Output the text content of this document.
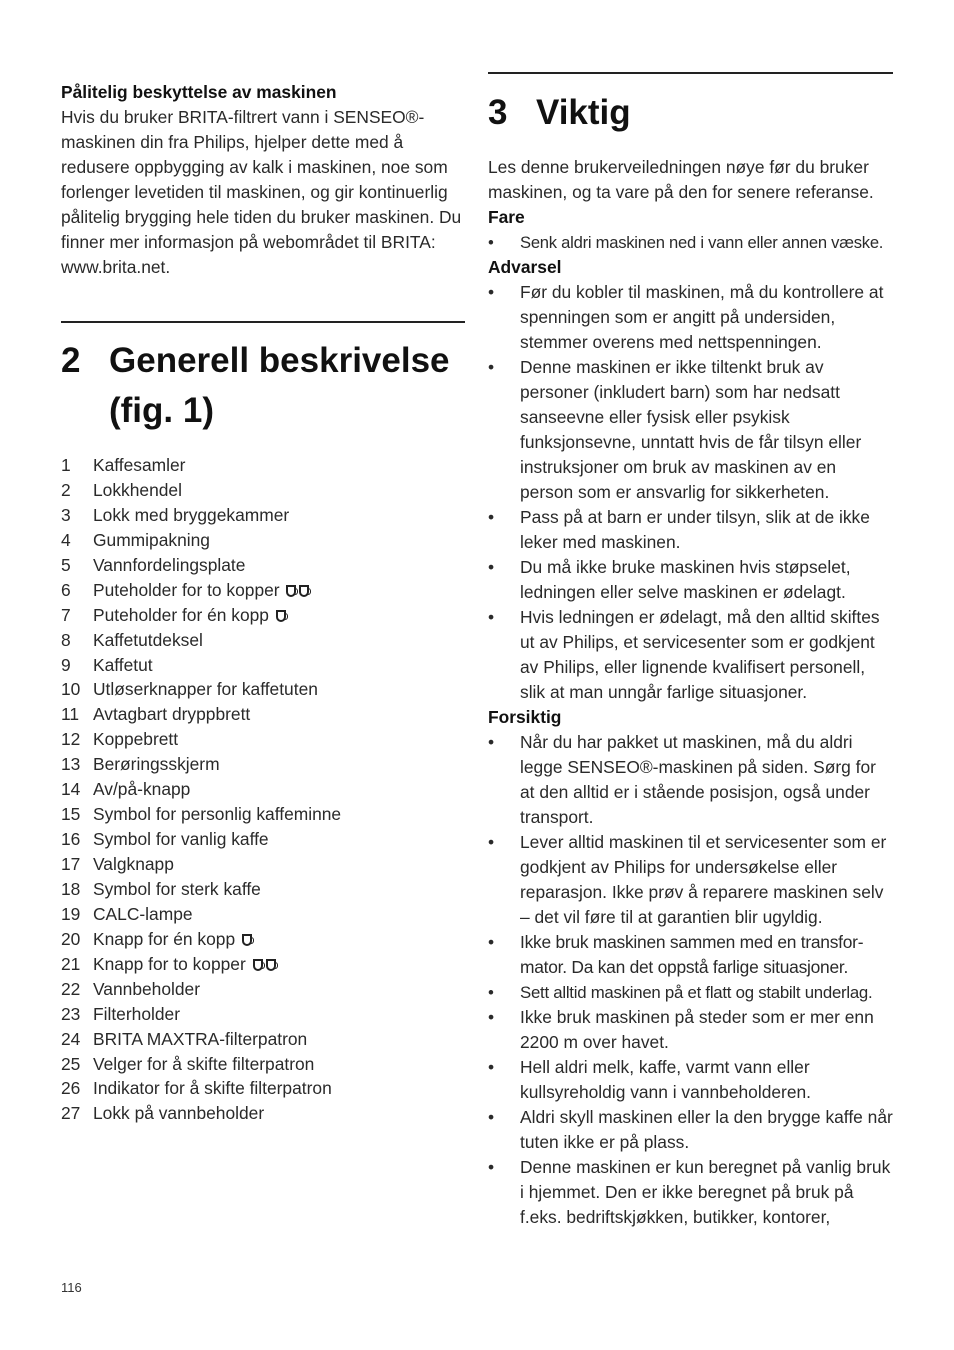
Pålitelig beskyttelse av maskinen
Hvis du bruker BRITA-filtrert vann i SENSEO®-maskinen din fra Philips, hjelper dette med å redusere oppbygging av kalk i maskinen, noe som forlenger levetiden til maskinen, og gir kontinuerlig pålitelig brygging hele tiden du bruker maskinen. Du finner mer informasjon på webområdet til BRITA: www.brita.net.
2 Generell beskrivelse (fig. 1)
1	Kaffesamler
2	Lokkhendel
3	Lokk med bryggekammer
4	Gummipakning
5	Vannfordelingsplate
6	Puteholder for to kopper
7	Puteholder for én kopp
8	Kaffetutdeksel
9	Kaffetut
10 Utløserknapper for kaffetuten
11 Avtagbart dryppbrett
12 Koppebrett
13 Berøringsskjerm
14 Av/på-knapp
15 Symbol for personlig kaffeminne
16 Symbol for vanlig kaffe
17 Valgknapp
18 Symbol for sterk kaffe
19 CALC-lampe
20 Knapp for én kopp
21 Knapp for to kopper
22 Vannbeholder
23 Filterholder
24 BRITA MAXTRA-filterpatron
25 Velger for å skifte filterpatron
26 Indikator for å skifte filterpatron
27 Lokk på vannbeholder
3 Viktig
Les denne brukerveiledningen nøye før du bruker maskinen, og ta vare på den for senere referanse.
Fare
• Senk aldri maskinen ned i vann eller annen væske.
Advarsel
• Før du kobler til maskinen, må du kontrollere at spenningen som er angitt på undersiden, stemmer overens med nettspenningen.
• Denne maskinen er ikke tiltenkt bruk av personer (inkludert barn) som har nedsatt sanseevne eller fysisk eller psykisk funksjonsevne, unntatt hvis de får tilsyn eller instruksjoner om bruk av maskinen av en person som er ansvarlig for sikkerheten.
• Pass på at barn er under tilsyn, slik at de ikke leker med maskinen.
• Du må ikke bruke maskinen hvis støpselet, ledningen eller selve maskinen er ødelagt.
• Hvis ledningen er ødelagt, må den alltid skiftes ut av Philips, et servicesenter som er godkjent av Philips, eller lignende kvalifisert personell, slik at man unngår farlige situasjoner.
Forsiktig
• Når du har pakket ut maskinen, må du aldri legge SENSEO®-maskinen på siden. Sørg for at den alltid er i stående posisjon, også under transport.
• Lever alltid maskinen til et servicesenter som er godkjent av Philips for undersøkelse eller reparasjon. Ikke prøv å reparere maskinen selv – det vil føre til at garantien blir ugyldig.
• Ikke bruk maskinen sammen med en transfor-mator. Da kan det oppstå farlige situasjoner.
• Sett alltid maskinen på et flatt og stabilt underlag.
• Ikke bruk maskinen på steder som er mer enn 2200 m over havet.
• Hell aldri melk, kaffe, varmt vann eller kullsyreholdig vann i vannbeholderen.
• Aldri skyll maskinen eller la den brygge kaffe når tuten ikke er på plass.
• Denne maskinen er kun beregnet på vanlig bruk i hjemmet. Den er ikke beregnet på bruk på f.eks. bedriftskjøkken, butikker, kontorer,
116
